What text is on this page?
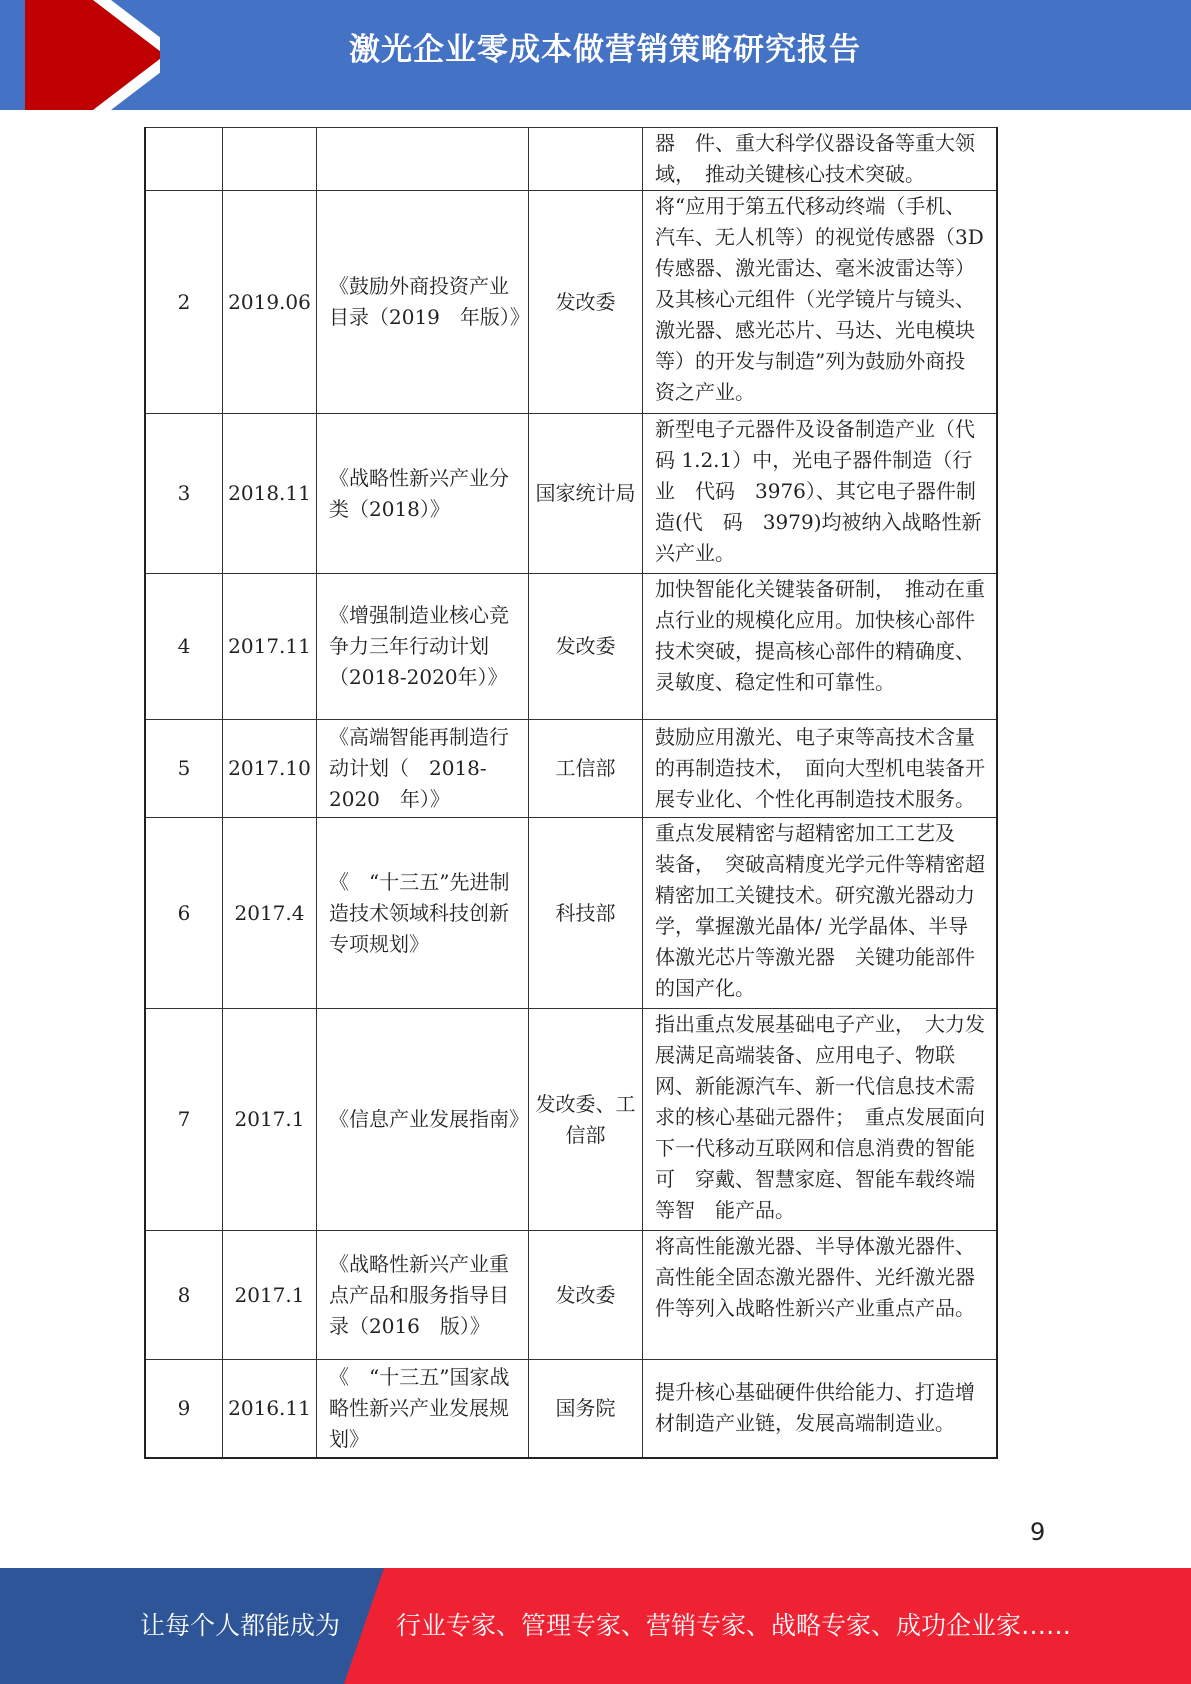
激光企业零成本做营销策略研究报告
				器　件、重大科学仪器设备等重大领域，　推动关键核心技术突破。
2	2019.06	《鼓励外商投资产业目录（2019　年版）》	发改委	将“应用于第五代移动终端（手机、　汽车、无人机等）的视觉传感器（3D 传感器、激光雷达、毫米波雷达等）及其核心元组件（光学镜片与镜头、　激光器、感光芯片、马达、光电模块　等）的开发与制造”列为鼓励外商投　资之产业。
3	2018.11	《战略性新兴产业分类（2018）》	国家统计局	新型电子元器件及设备制造产业（代　码 1.2.1）中，光电子器件制造（行业　代码　3976）、其它电子器件制造(代　码　3979)均被纳入战略性新兴产业。
4	2017.11	《增强制造业核心竞争力三年行动计划（2018-2020年）》	发改委	加快智能化关键装备研制，　推动在重点行业的规模化应用。加快核心部件技术突破，提高核心部件的精确度、灵敏度、稳定性和可靠性。
5	2017.10	《高端智能再制造行动计划（　2018-2020　年）》	工信部	鼓励应用激光、电子束等高技术含量的再制造技术，　面向大型机电装备开展专业化、个性化再制造技术服务。
6	2017.4	《　“十三五”先进制造技术领域科技创新　专项规划》	科技部	重点发展精密与超精密加工工艺及　装备，　突破高精度光学元件等精密超　精密加工关键技术。研究激光器动力学，掌握激光晶体/ 光学晶体、半导体激光芯片等激光器　关键功能部件的国产化。
7	2017.1	《信息产业发展指南》	发改委、工信部	指出重点发展基础电子产业，　大力发展满足高端装备、应用电子、物联网、新能源汽车、新一代信息技术需求的核心基础元器件；　重点发展面向下一代移动互联网和信息消费的智能可　穿戴、智慧家庭、智能车载终端等智　能产品。
8	2017.1	《战略性新兴产业重点产品和服务指导目　录（2016　版）》	发改委	将高性能激光器、半导体激光器件、高性能全固态激光器件、光纤激光器件等列入战略性新兴产业重点产品。
9	2016.11	《　“十三五”国家战略性新兴产业发展规　划》	国务院	提升核心基础硬件供给能力、打造增材制造产业链，发展高端制造业。
9
让每个人都能成为 行业专家、管理专家、营销专家、战略专家、成功企业家……
